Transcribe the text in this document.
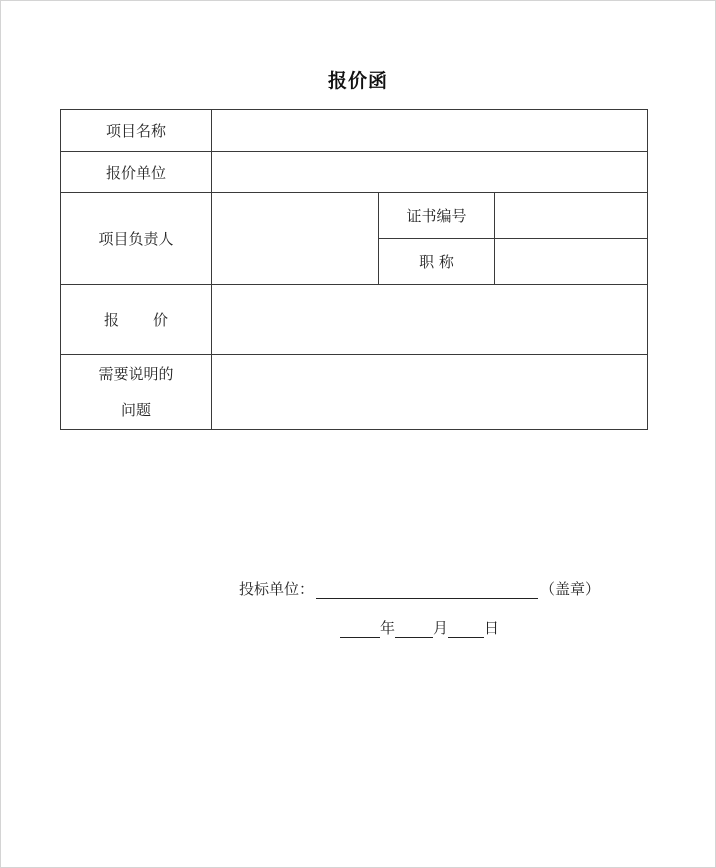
报价函
项目名称			
报价单位			
项目负责人		证书编号	
		职 称	
报 价			

需要说明的
问题			

投标单位：	（盖章）
年	月 日
